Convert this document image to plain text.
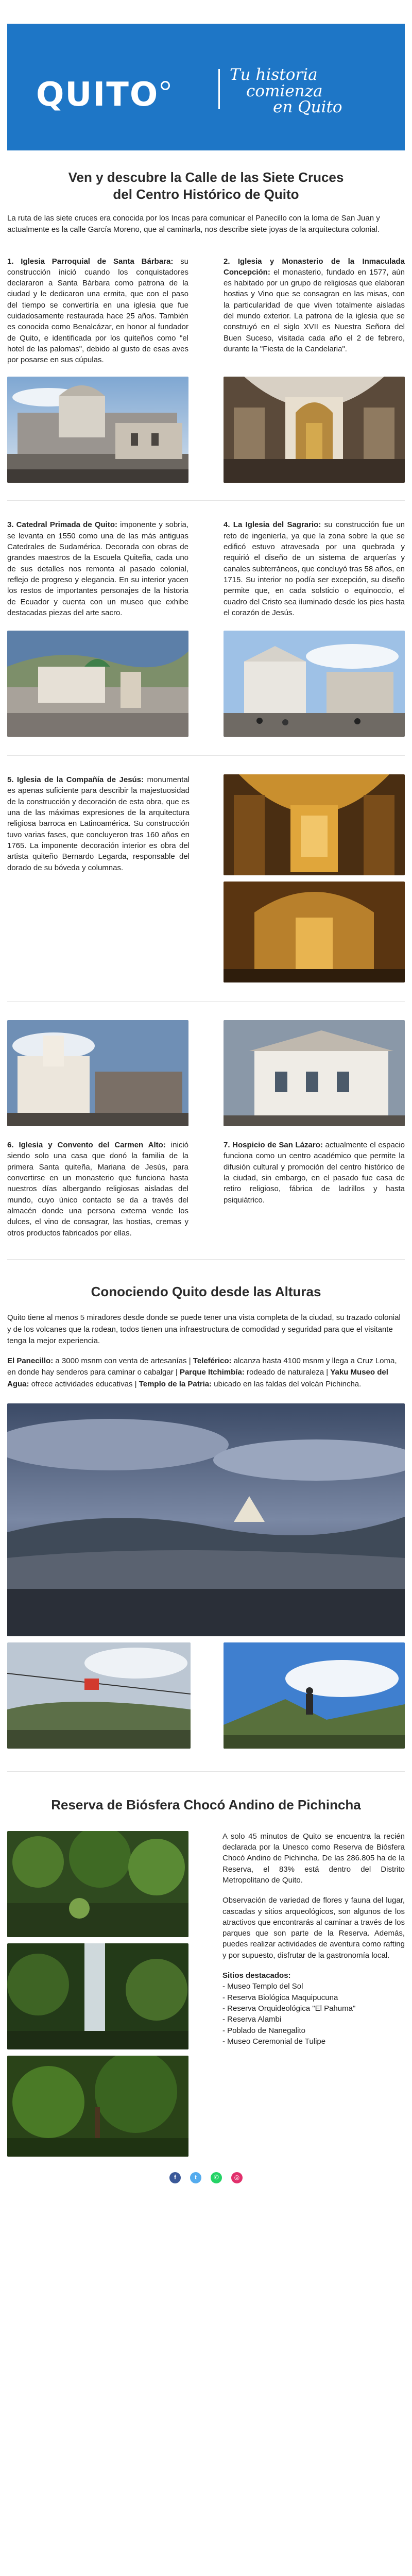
QUITO
Tu historia
comienza
en Quito
Ven y descubre la Calle de las Siete Cruces
del Centro Histórico de Quito

La ruta de las siete cruces era conocida por los Incas para comunicar el Panecillo con la loma de San Juan y actualmente es la calle García Moreno, que al caminarla, nos describe siete joyas de la arquitectura colonial.

1. Iglesia Parroquial de Santa Bárbara: su construcción inició cuando los conquistadores declararon a Santa Bárbara como patrona de la ciudad y le dedicaron una ermita, que con el paso del tiempo se convertiría en una iglesia que fue cuidadosamente restaurada hace 25 años. También es conocida como Benalcázar, en honor al fundador de Quito, e identificada por los quiteños como "el hotel de las palomas", debido al gusto de esas aves por posarse en sus cúpulas.
2. Iglesia y Monasterio de la Inmaculada Concepción: el monasterio, fundado en 1577, aún es habitado por un grupo de religiosas que elaboran hostias y Vino que se consagran en las misas, con la particularidad de que viven totalmente aisladas del mundo exterior. La patrona de la iglesia que se construyó en el siglo XVII es Nuestra Señora del Buen Suceso, visitada cada año el 2 de febrero, durante la "Fiesta de la Candelaria".
3. Catedral Primada de Quito: imponente y sobria, se levanta en 1550 como una de las más antiguas Catedrales de Sudamérica. Decorada con obras de grandes maestros de la Escuela Quiteña, cada uno de sus detalles nos remonta al pasado colonial, reflejo de progreso y elegancia. En su interior yacen los restos de importantes personajes de la historia de Ecuador y cuenta con un museo que exhibe destacadas piezas del arte sacro.
4. La Iglesia del Sagrario: su construcción fue un reto de ingeniería, ya que la zona sobre la que se edificó estuvo atravesada por una quebrada y requirió el diseño de un sistema de arquerías y canales subterráneos, que concluyó tras 58 años, en 1715. Su interior no podía ser excepción, su diseño permite que, en cada solsticio o equinoccio, el cuadro del Cristo sea iluminado desde los pies hasta el corazón de Jesús.
5. Iglesia de la Compañía de Jesús: monumental es apenas suficiente para describir la majestuosidad de la construcción y decoración de esta obra, que es una de las máximas expresiones de la arquitectura religiosa barroca en Latinoamérica. Su construcción tuvo varias fases, que concluyeron tras 160 años en 1765. La imponente decoración interior es obra del artista quiteño Bernardo Legarda, responsable del dorado de su bóveda y columnas.
6. Iglesia y Convento del Carmen Alto: inició siendo solo una casa que donó la familia de la primera Santa quiteña, Mariana de Jesús, para convertirse en un monasterio que funciona hasta nuestros días albergando religiosas aisladas del mundo, cuyo único contacto se da a través del almacén donde una persona externa vende los dulces, el vino de consagrar, las hostias, cremas y otros productos fabricados por ellas.
7. Hospicio de San Lázaro: actualmente el espacio funciona como un centro académico que permite la difusión cultural y promoción del centro histórico de la ciudad, sin embargo, en el pasado fue casa de retiro religioso, fábrica de ladrillos y hasta psiquiátrico.
Conociendo Quito desde las Alturas

Quito tiene al menos 5 miradores desde donde se puede tener una vista completa de la ciudad, su trazado colonial y de los volcanes que la rodean, todos tienen una infraestructura de comodidad y seguridad para que el visitante tenga la mejor experiencia.

El Panecillo: a 3000 msnm con venta de artesanías | Teleférico: alcanza hasta 4100 msnm y llega a Cruz Loma, en donde hay senderos para caminar o cabalgar | Parque Itchimbía: rodeado de naturaleza | Yaku Museo del Agua: ofrece actividades educativas | Templo de la Patria: ubicado en las faldas del volcán Pichincha.

Reserva de Biósfera Chocó Andino de Pichincha

A solo 45 minutos de Quito se encuentra la recién declarada por la Unesco como Reserva de Biósfera Chocó Andino de Pichincha. De las 286.805 ha de la Reserva, el 83% está dentro del Distrito Metropolitano de Quito.

Observación de variedad de flores y fauna del lugar, cascadas y sitios arqueológicos, son algunos de los atractivos que encontrarás al caminar a través de los parques que son parte de la Reserva. Además, puedes realizar actividades de aventura como rafting y por supuesto, disfrutar de la gastronomía local.

Sitios destacados:
- Museo Templo del Sol
- Reserva Biológica Maquipucuna
- Reserva Orquideológica "El Pahuma"
- Reserva Alambi
- Poblado de Nanegalito
- Museo Ceremonial de Tulipe
f	t	✆	◎
